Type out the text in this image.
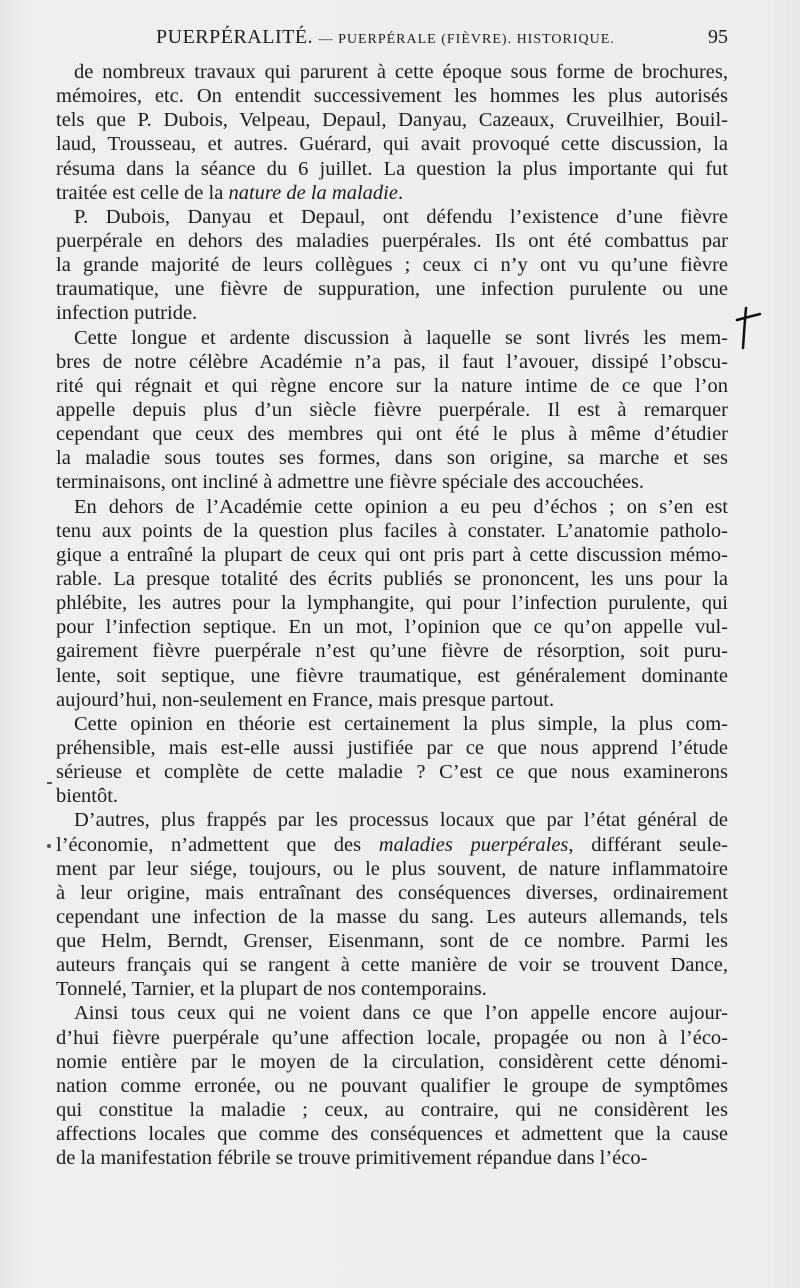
PUERPÉRALITÉ. — PUERPÉRALE (FIÈVRE). HISTORIQUE.	95
de nombreux travaux qui parurent à cette époque sous forme de brochures,
mémoires, etc. On entendit successivement les hommes les plus autorisés
tels que P. Dubois, Velpeau, Depaul, Danyau, Cazeaux, Cruveilhier, Bouil-
laud, Trousseau, et autres. Guérard, qui avait provoqué cette discussion, la
résuma dans la séance du 6 juillet. La question la plus importante qui fut
traitée est celle de la nature de la maladie.
P. Dubois, Danyau et Depaul, ont défendu l’existence d’une fièvre
puerpérale en dehors des maladies puerpérales. Ils ont été combattus par
la grande majorité de leurs collègues ; ceux ci n’y ont vu qu’une fièvre
traumatique, une fièvre de suppuration, une infection purulente ou une
infection putride.
Cette longue et ardente discussion à laquelle se sont livrés les mem-
bres de notre célèbre Académie n’a pas, il faut l’avouer, dissipé l’obscu-
rité qui régnait et qui règne encore sur la nature intime de ce que l’on
appelle depuis plus d’un siècle fièvre puerpérale. Il est à remarquer
cependant que ceux des membres qui ont été le plus à même d’étudier
la maladie sous toutes ses formes, dans son origine, sa marche et ses
terminaisons, ont incliné à admettre une fièvre spéciale des accouchées.
En dehors de l’Académie cette opinion a eu peu d’échos ; on s’en est
tenu aux points de la question plus faciles à constater. L’anatomie patholo-
gique a entraîné la plupart de ceux qui ont pris part à cette discussion mémo-
rable. La presque totalité des écrits publiés se prononcent, les uns pour la
phlébite, les autres pour la lymphangite, qui pour l’infection purulente, qui
pour l’infection septique. En un mot, l’opinion que ce qu’on appelle vul-
gairement fièvre puerpérale n’est qu’une fièvre de résorption, soit puru-
lente, soit septique, une fièvre traumatique, est généralement dominante
aujourd’hui, non-seulement en France, mais presque partout.
Cette opinion en théorie est certainement la plus simple, la plus com-
préhensible, mais est-elle aussi justifiée par ce que nous apprend l’étude
sérieuse et complète de cette maladie ? C’est ce que nous examinerons
bientôt.
D’autres, plus frappés par les processus locaux que par l’état général de
l’économie, n’admettent que des maladies puerpérales, différant seule-
ment par leur siége, toujours, ou le plus souvent, de nature inflammatoire
à leur origine, mais entraînant des conséquences diverses, ordinairement
cependant une infection de la masse du sang. Les auteurs allemands, tels
que Helm, Berndt, Grenser, Eisenmann, sont de ce nombre. Parmi les
auteurs français qui se rangent à cette manière de voir se trouvent Dance,
Tonnelé, Tarnier, et la plupart de nos contemporains.
Ainsi tous ceux qui ne voient dans ce que l’on appelle encore aujour-
d’hui fièvre puerpérale qu’une affection locale, propagée ou non à l’éco-
nomie entière par le moyen de la circulation, considèrent cette dénomi-
nation comme erronée, ou ne pouvant qualifier le groupe de symptômes
qui constitue la maladie ; ceux, au contraire, qui ne considèrent les
affections locales que comme des conséquences et admettent que la cause
de la manifestation fébrile se trouve primitivement répandue dans l’éco-
